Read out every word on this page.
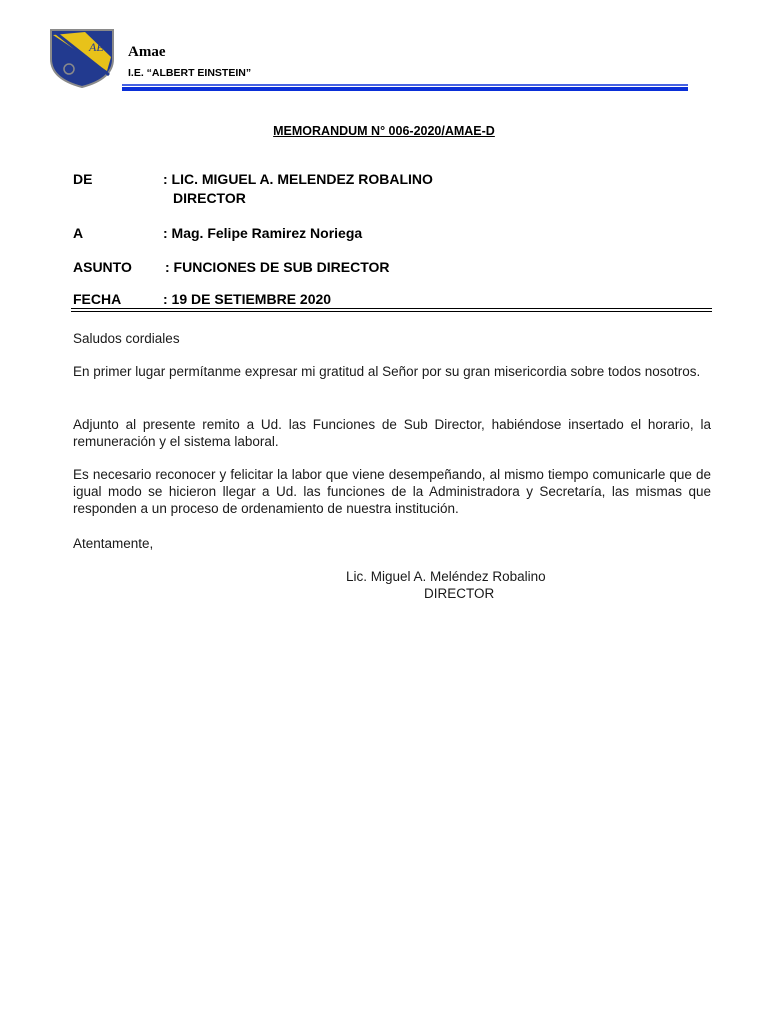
AE Amae
I.E. “ALBERT EINSTEIN”
MEMORANDUM N° 006-2020/AMAE-D
DE	: LIC. MIGUEL A. MELENDEZ ROBALINO
DIRECTOR
A	: Mag. Felipe Ramirez Noriega
ASUNTO : FUNCIONES DE SUB DIRECTOR
FECHA	: 19 DE SETIEMBRE 2020
Saludos cordiales
En primer lugar permítanme expresar mi gratitud al Señor por su gran misericordia sobre todos nosotros.
Adjunto al presente remito a Ud. las Funciones de Sub Director, habiéndose insertado el horario, la remuneración y el sistema laboral.
Es necesario reconocer y felicitar la labor que viene desempeñando, al mismo tiempo comunicarle que de igual modo se hicieron llegar a Ud. las funciones de la Administradora y Secretaría, las mismas que responden a un proceso de ordenamiento de nuestra institución.
Atentamente,
Lic. Miguel A. Meléndez Robalino
DIRECTOR
